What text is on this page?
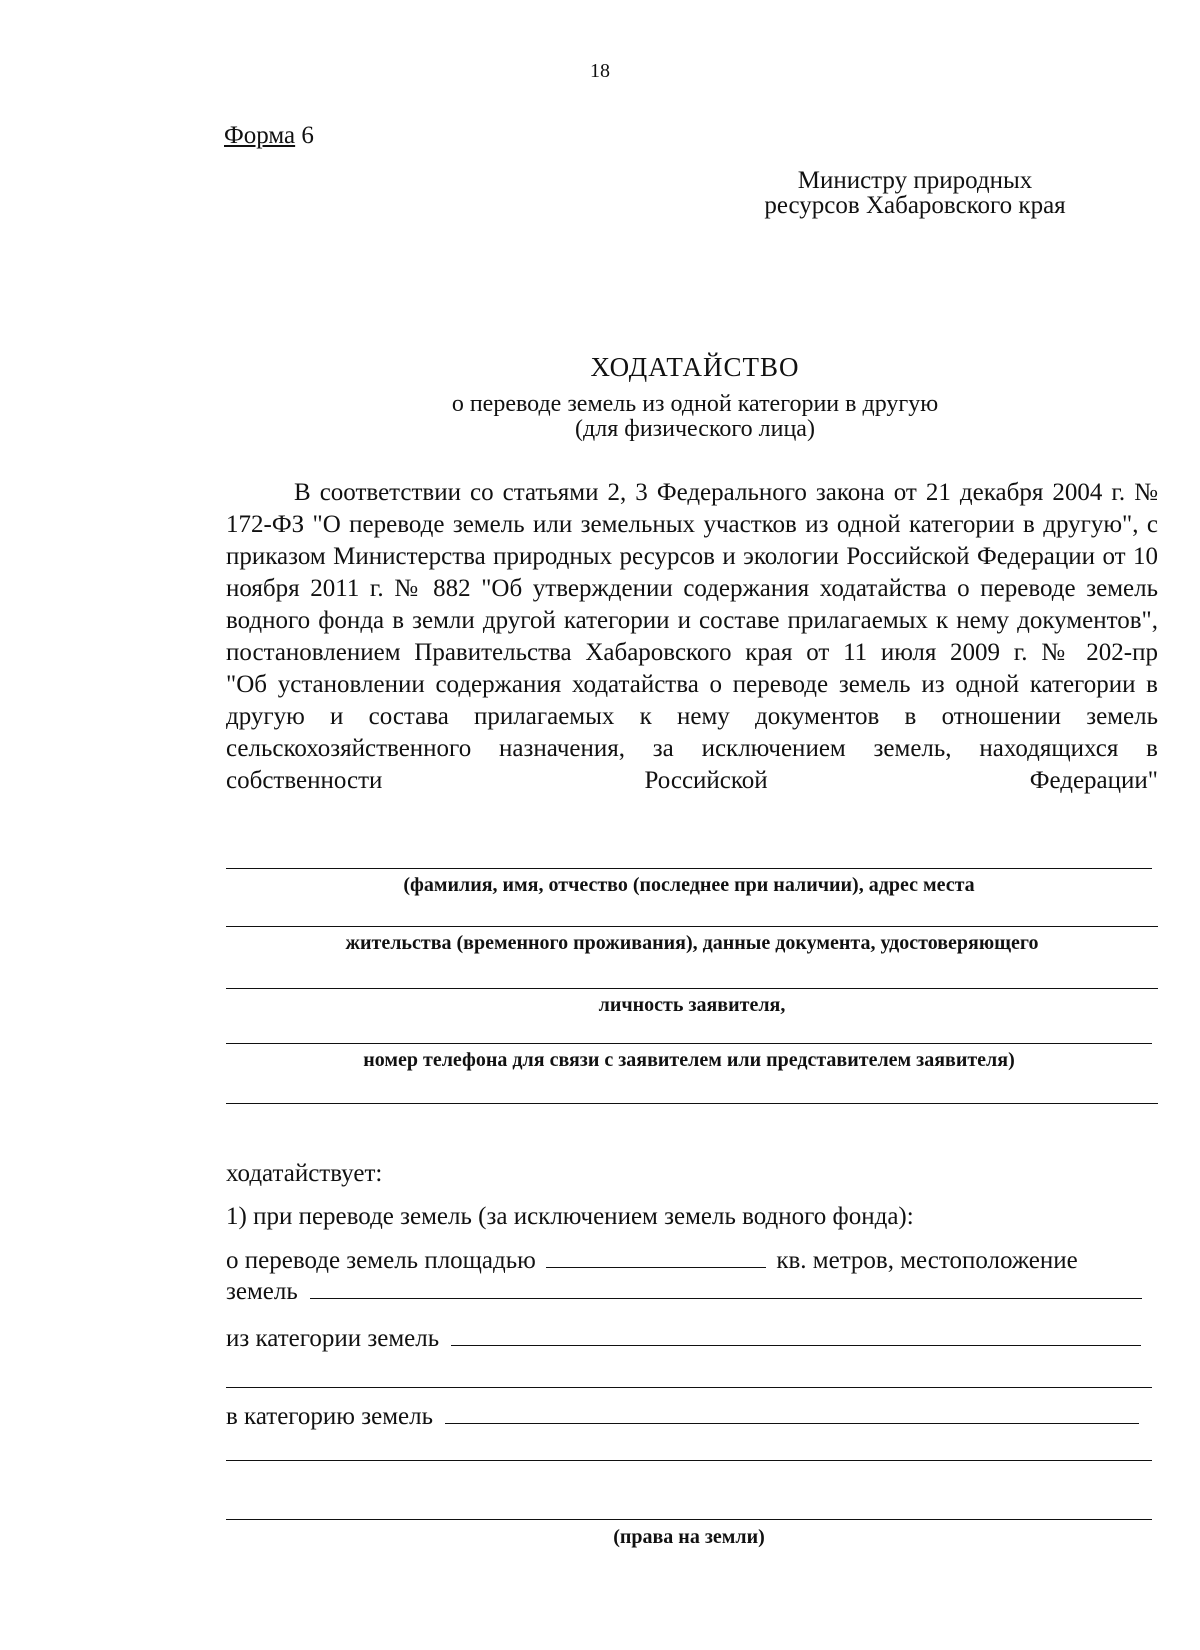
18
Форма 6
Министру природных
ресурсов Хабаровского края
ХОДАТАЙСТВО
о переводе земель из одной категории в другую
(для физического лица)

В соответствии со статьями 2, 3 Федерального закона от 21 декабря 2004 г. № 172-ФЗ "О переводе земель или земельных участков из одной категории в другую", с приказом Министерства природных ресурсов и экологии Российской Федерации от 10 ноября 2011 г. № 882 "Об утверждении содержания ходатайства о переводе земель водного фонда в земли другой категории и составе прилагаемых к нему документов", постановлением Правительства Хабаровского края от 11 июля 2009 г. № 202-пр

"Об установлении содержания ходатайства о переводе земель из одной категории в другую и состава прилагаемых к нему документов в отношении земель сельскохозяйственного назначения, за исключением земель, находящихся в собственности Российской Федерации"

(фамилия, имя, отчество (последнее при наличии), адрес места
жительства (временного проживания), данные документа, удостоверяющего
личность заявителя,
номер телефона для связи с заявителем или представителем заявителя)
ходатайствует:
1) при переводе земель (за исключением земель водного фонда):
о переводе земель площадью	кв. метров, местоположение
земель
из категории земель
в категорию земель
(права на земли)
